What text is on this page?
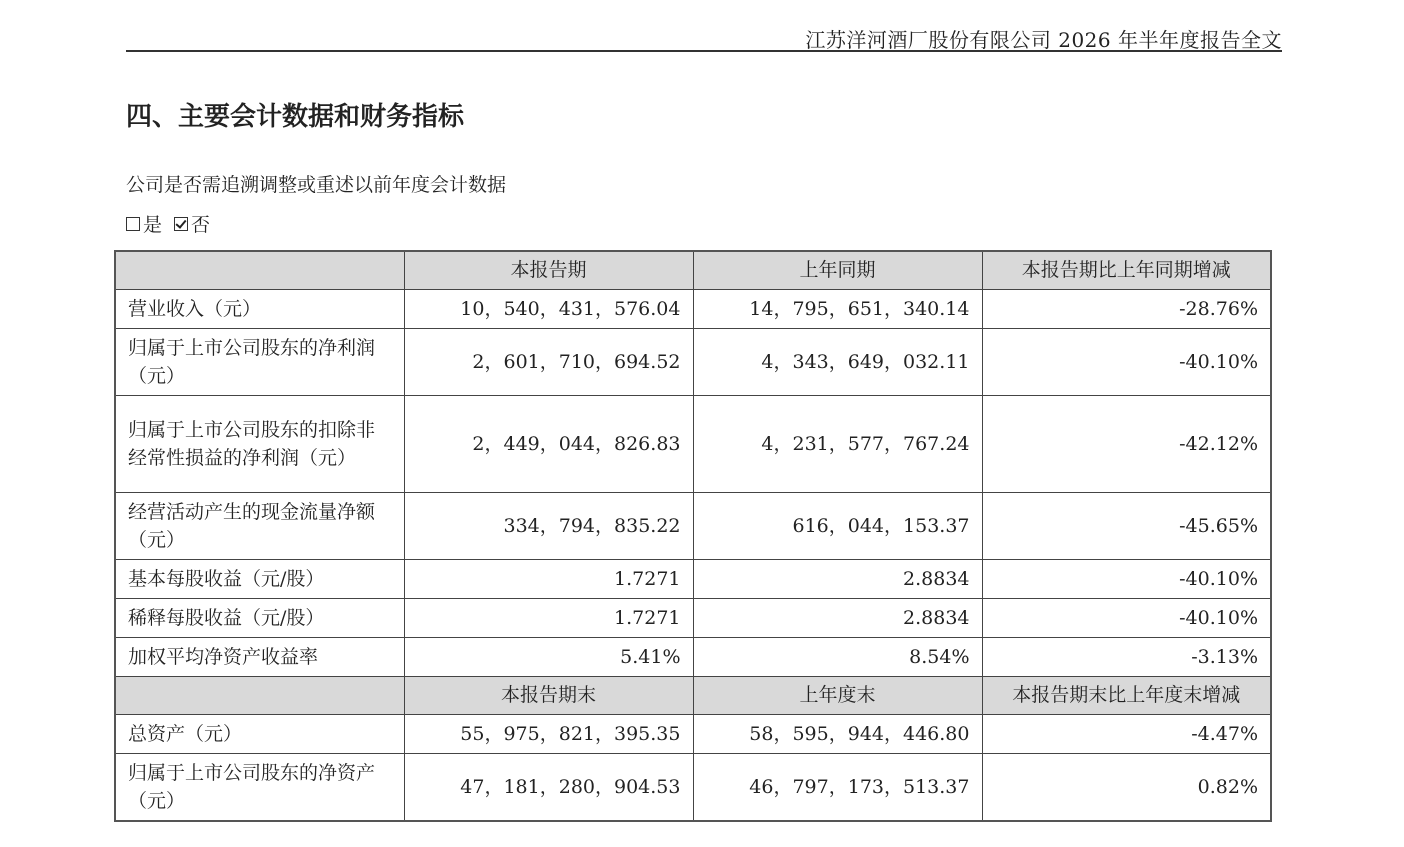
江苏洋河酒厂股份有限公司 2026 年半年度报告全文
四、主要会计数据和财务指标
公司是否需追溯调整或重述以前年度会计数据
是 否
	本报告期	上年同期	本报告期比上年同期增减
营业收入（元）	10，540，431，576.04	14，795，651，340.14	-28.76%
归属于上市公司股东的净利润（元）	2，601，710，694.52	4，343，649，032.11	-40.10%
归属于上市公司股东的扣除非经常性损益的净利润（元）	2，449，044，826.83	4，231，577，767.24	-42.12%
经营活动产生的现金流量净额（元）	334，794，835.22	616，044，153.37	-45.65%
基本每股收益（元/股）	1.7271	2.8834	-40.10%
稀释每股收益（元/股）	1.7271	2.8834	-40.10%
加权平均净资产收益率	5.41%	8.54%	-3.13%
	本报告期末	上年度末	本报告期末比上年度末增减
总资产（元）	55，975，821，395.35	58，595，944，446.80	-4.47%
归属于上市公司股东的净资产（元）	47，181，280，904.53	46，797，173，513.37	0.82%
